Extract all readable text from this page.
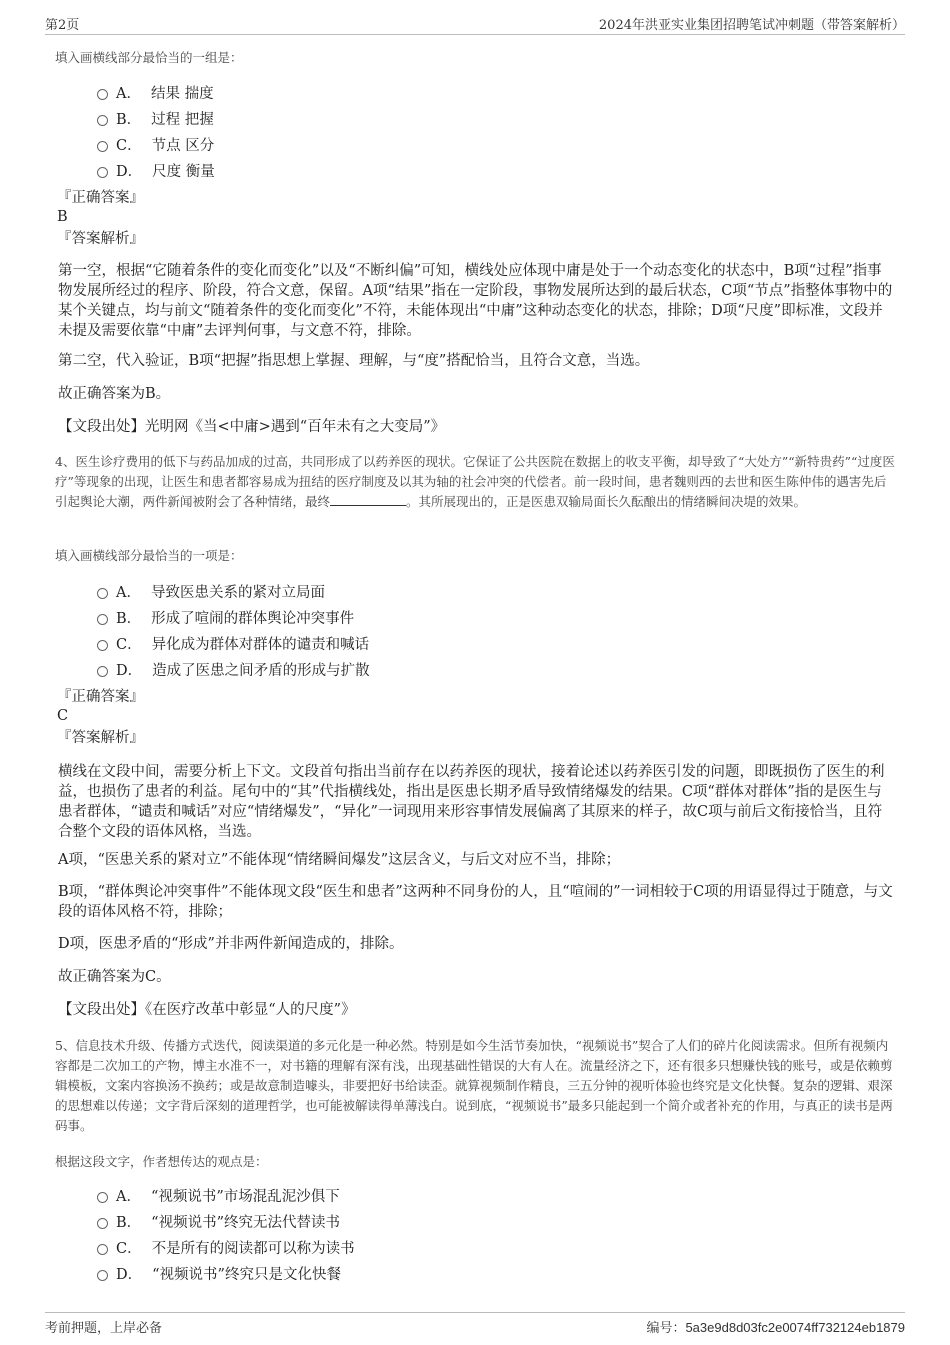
第2页	2024年洪亚实业集团招聘笔试冲刺题（带答案解析）
填入画横线部分最恰当的一组是：
A． 结果 揣度
B． 过程 把握
C． 节点 区分
D． 尺度 衡量
『正确答案』
B
『答案解析』
第一空，根据“它随着条件的变化而变化”以及“不断纠偏”可知，横线处应体现中庸是处于一个动态变化的状态中，B项“过程”指事物发展所经过的程序、阶段，符合文意，保留。A项“结果”指在一定阶段，事物发展所达到的最后状态，C项“节点”指整体事物中的某个关键点，均与前文“随着条件的变化而变化”不符，未能体现出“中庸”这种动态变化的状态，排除；D项“尺度”即标准，文段并未提及需要依靠“中庸”去评判何事，与文意不符，排除。
第二空，代入验证，B项“把握”指思想上掌握、理解，与“度”搭配恰当，且符合文意，当选。
故正确答案为B。
【文段出处】光明网《当<中庸>遇到“百年未有之大变局”》
4、医生诊疗费用的低下与药品加成的过高，共同形成了以药养医的现状。它保证了公共医院在数据上的收支平衡，却导致了“大处方”“新特贵药”“过度医疗”等现象的出现，让医生和患者都容易成为扭结的医疗制度及以其为轴的社会冲突的代偿者。前一段时间，患者魏则西的去世和医生陈仲伟的遇害先后引起舆论大潮，两件新闻被附会了各种情绪，最终	。其所展现出的，正是医患双输局面长久酝酿出的情绪瞬间决堤的效果。
填入画横线部分最恰当的一项是：
A． 导致医患关系的紧对立局面
B． 形成了喧闹的群体舆论冲突事件
C． 异化成为群体对群体的谴责和喊话
D． 造成了医患之间矛盾的形成与扩散
『正确答案』
C
『答案解析』
横线在文段中间，需要分析上下文。文段首句指出当前存在以药养医的现状，接着论述以药养医引发的问题，即既损伤了医生的利益，也损伤了患者的利益。尾句中的“其”代指横线处，指出是医患长期矛盾导致情绪爆发的结果。C项“群体对群体”指的是医生与患者群体，“谴责和喊话”对应“情绪爆发”，“异化”一词现用来形容事情发展偏离了其原来的样子，故C项与前后文衔接恰当，且符合整个文段的语体风格，当选。
A项，“医患关系的紧对立”不能体现“情绪瞬间爆发”这层含义，与后文对应不当，排除；
B项，“群体舆论冲突事件”不能体现文段“医生和患者”这两种不同身份的人，且“喧闹的”一词相较于C项的用语显得过于随意，与文段的语体风格不符，排除；
D项，医患矛盾的“形成”并非两件新闻造成的，排除。
故正确答案为C。
【文段出处】《在医疗改革中彰显“人的尺度”》
5、信息技术升级、传播方式迭代，阅读渠道的多元化是一种必然。特别是如今生活节奏加快，“视频说书”契合了人们的碎片化阅读需求。但所有视频内容都是二次加工的产物，博主水准不一，对书籍的理解有深有浅，出现基础性错误的大有人在。流量经济之下，还有很多只想赚快钱的账号，或是依赖剪辑模板，文案内容换汤不换药；或是故意制造噱头，非要把好书给读歪。就算视频制作精良，三五分钟的视听体验也终究是文化快餐。复杂的逻辑、艰深的思想难以传递；文字背后深刻的道理哲学，也可能被解读得单薄浅白。说到底，“视频说书”最多只能起到一个简介或者补充的作用，与真正的读书是两码事。
根据这段文字，作者想传达的观点是：
A． “视频说书”市场混乱泥沙俱下
B． “视频说书”终究无法代替读书
C． 不是所有的阅读都可以称为读书
D． “视频说书”终究只是文化快餐
考前押题，上岸必备	编号：5a3e9d8d03fc2e0074ff732124eb1879
